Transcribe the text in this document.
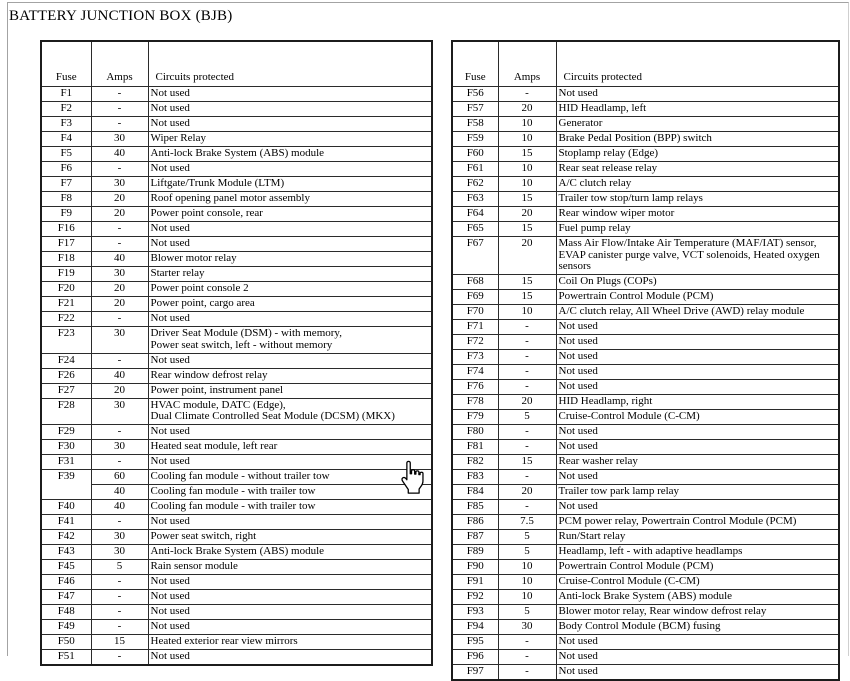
BATTERY JUNCTION BOX (BJB)
Fuse	Amps	Circuits protected
F1	-	Not used
F2	-	Not used
F3	-	Not used
F4	30	Wiper Relay
F5	40	Anti-lock Brake System (ABS) module
F6	-	Not used
F7	30	Liftgate/Trunk Module (LTM)
F8	20	Roof opening panel motor assembly
F9	20	Power point console, rear
F16	-	Not used
F17	-	Not used
F18	40	Blower motor relay
F19	30	Starter relay
F20	20	Power point console 2
F21	20	Power point, cargo area
F22	-	Not used
F23	30	Driver Seat Module (DSM) - with memory,
Power seat switch, left - without memory
F24	-	Not used
F26	40	Rear window defrost relay
F27	20	Power point, instrument panel
F28	30	HVAC module, DATC (Edge),
Dual Climate Controlled Seat Module (DCSM) (MKX)
F29	-	Not used
F30	30	Heated seat module, left rear
F31	-	Not used
F39	60	Cooling fan module - without trailer tow
	40	Cooling fan module - with trailer tow
F40	40	Cooling fan module - with trailer tow
F41	-	Not used
F42	30	Power seat switch, right
F43	30	Anti-lock Brake System (ABS) module
F45	5	Rain sensor module
F46	-	Not used
F47	-	Not used
F48	-	Not used
F49	-	Not used
F50	15	Heated exterior rear view mirrors
F51	-	Not used
Fuse	Amps	Circuits protected
F56	-	Not used
F57	20	HID Headlamp, left
F58	10	Generator
F59	10	Brake Pedal Position (BPP) switch
F60	15	Stoplamp relay (Edge)
F61	10	Rear seat release relay
F62	10	A/C clutch relay
F63	15	Trailer tow stop/turn lamp relays
F64	20	Rear window wiper motor
F65	15	Fuel pump relay
F67	20	Mass Air Flow/Intake Air Temperature (MAF/IAT) sensor,
EVAP canister purge valve, VCT solenoids, Heated oxygen sensors
F68	15	Coil On Plugs (COPs)
F69	15	Powertrain Control Module (PCM)
F70	10	A/C clutch relay, All Wheel Drive (AWD) relay module
F71	-	Not used
F72	-	Not used
F73	-	Not used
F74	-	Not used
F76	-	Not used
F78	20	HID Headlamp, right
F79	5	Cruise-Control Module (C-CM)
F80	-	Not used
F81	-	Not used
F82	15	Rear washer relay
F83	-	Not used
F84	20	Trailer tow park lamp relay
F85	-	Not used
F86	7.5	PCM power relay, Powertrain Control Module (PCM)
F87	5	Run/Start relay
F89	5	Headlamp, left - with adaptive headlamps
F90	10	Powertrain Control Module (PCM)
F91	10	Cruise-Control Module (C-CM)
F92	10	Anti-lock Brake System (ABS) module
F93	5	Blower motor relay, Rear window defrost relay
F94	30	Body Control Module (BCM) fusing
F95	-	Not used
F96	-	Not used
F97	-	Not used
